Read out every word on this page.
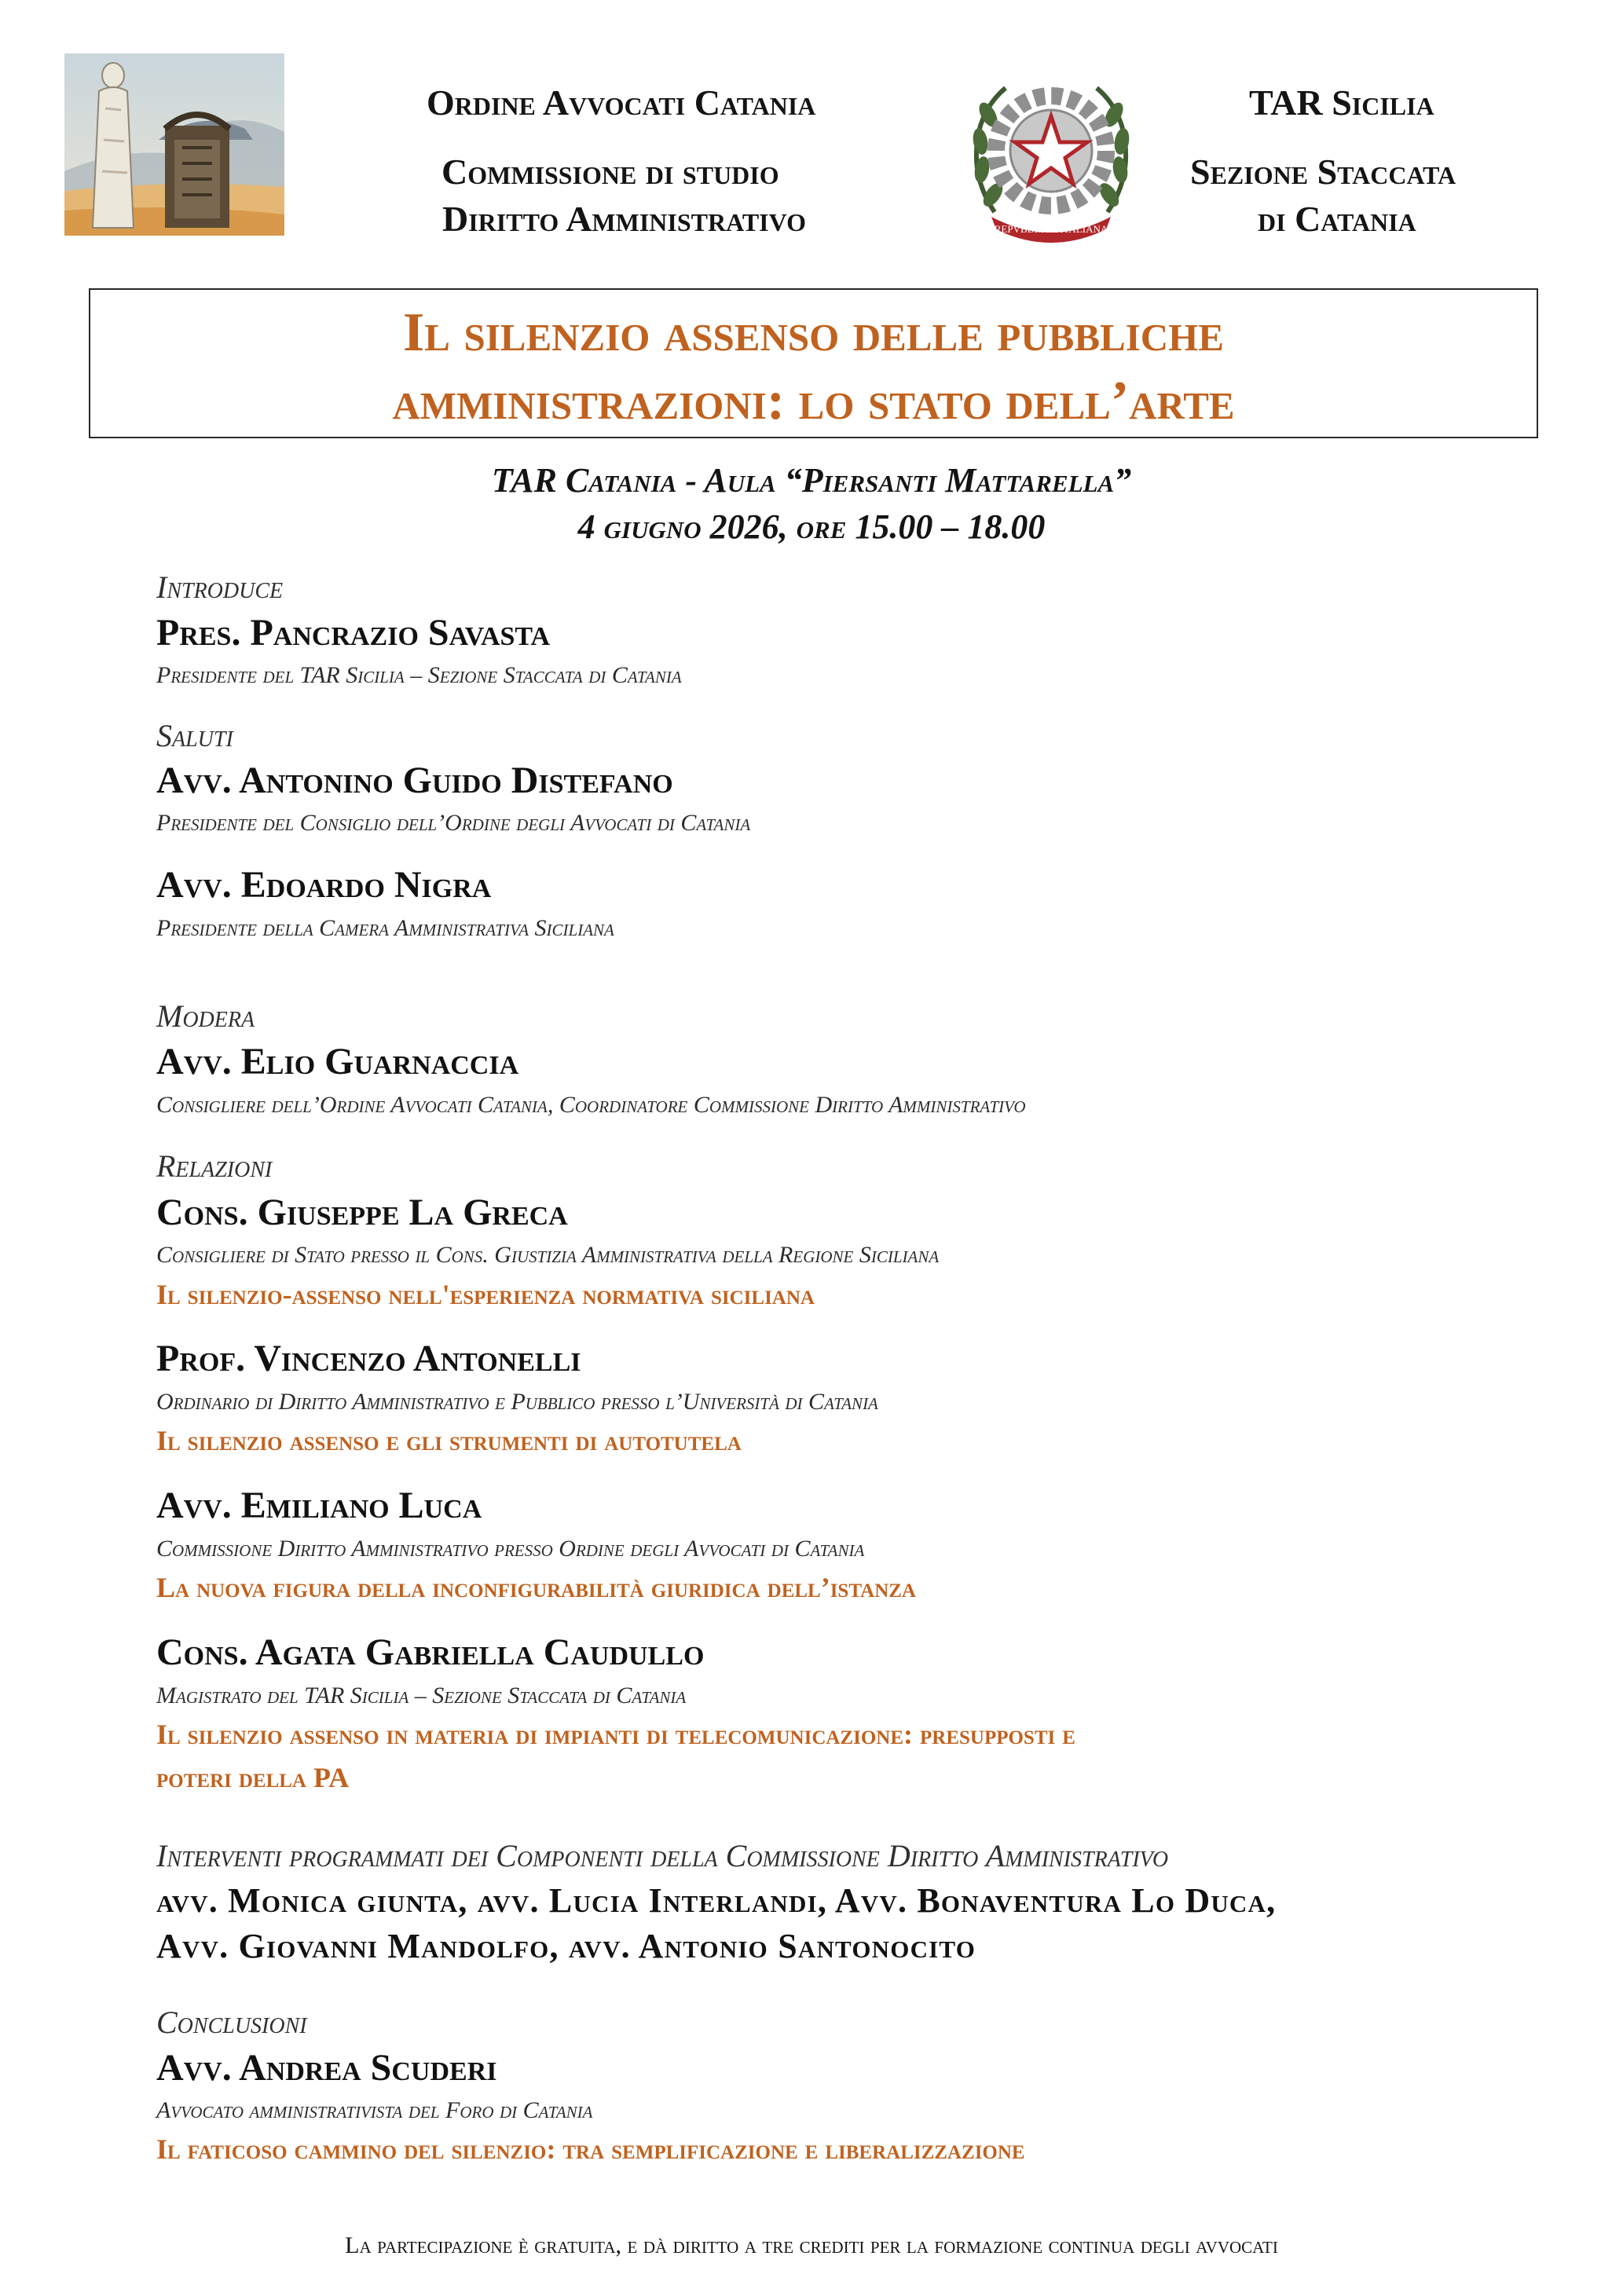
Ordine Avvocati Catania
Commissione di studio
Diritto Amministrativo	REPVBBLICA ITALIANA
TAR Sicilia
Sezione Staccata
di Catania
Il silenzio assenso delle pubbliche
amministrazioni: lo stato dell’arte
TAR Catania - Aula “Piersanti Mattarella”
4 giugno 2026, ore 15.00 – 18.00
Introduce
Pres. Pancrazio Savasta
Presidente del TAR Sicilia – Sezione Staccata di Catania
Saluti
Avv. Antonino Guido Distefano
Presidente del Consiglio dell’Ordine degli Avvocati di Catania
Avv. Edoardo Nigra
Presidente della Camera Amministrativa Siciliana
Modera
Avv. Elio Guarnaccia
Consigliere dell’Ordine Avvocati Catania, Coordinatore Commissione Diritto Amministrativo
Relazioni
Cons. Giuseppe La Greca
Consigliere di Stato presso il Cons. Giustizia Amministrativa della Regione Siciliana
Il silenzio-assenso nell'esperienza normativa siciliana
Prof. Vincenzo Antonelli
Ordinario di Diritto Amministrativo e Pubblico presso l’Università di Catania
Il silenzio assenso e gli strumenti di autotutela
Avv. Emiliano Luca
Commissione Diritto Amministrativo presso Ordine degli Avvocati di Catania
La nuova figura della inconfigurabilità giuridica dell’istanza
Cons. Agata Gabriella Caudullo
Magistrato del TAR Sicilia – Sezione Staccata di Catania
Il silenzio assenso in materia di impianti di telecomunicazione: presupposti e
poteri della PA
Interventi programmati dei Componenti della Commissione Diritto Amministrativo
avv. Monica giunta, avv. Lucia Interlandi, Avv. Bonaventura Lo Duca,
Avv. Giovanni Mandolfo, avv. Antonio Santonocito
Conclusioni
Avv. Andrea Scuderi
Avvocato amministrativista del Foro di Catania
Il faticoso cammino del silenzio: tra semplificazione e liberalizzazione
La partecipazione è gratuita, e dà diritto a tre crediti per la formazione continua degli avvocati
